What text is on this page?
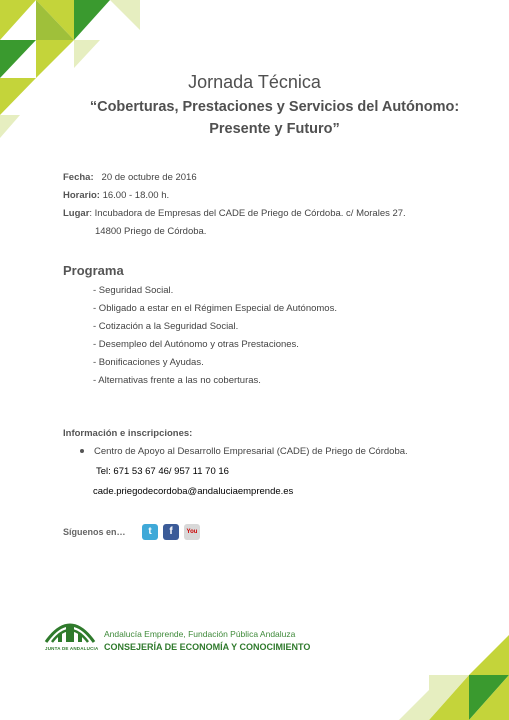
Jornada Técnica
“Coberturas, Prestaciones y Servicios del Autónomo:
Presente y Futuro”
Fecha: 20 de octubre de 2016
Horario: 16.00 - 18.00 h.
Lugar: Incubadora de Empresas del CADE de Priego de Córdoba. c/ Morales 27.
14800 Priego de Córdoba.
Programa
- Seguridad Social.
- Obligado a estar en el Régimen Especial de Autónomos.
- Cotización a la Seguridad Social.
- Desempleo del Autónomo y otras Prestaciones.
- Bonificaciones y Ayudas.
- Alternativas frente a las no coberturas.
Información e inscripciones:
Centro de Apoyo al Desarrollo Empresarial (CADE) de Priego de Córdoba.
Tel: 671 53 67 46/ 957 11 70 16
cade.priegodecordoba@andaluciaemprende.es
Síguenos en…	t	f	You

JUNTA DE ANDALUCIA
Andalucía Emprende, Fundación Pública Andaluza
CONSEJERÍA DE ECONOMÍA Y CONOCIMIENTO
